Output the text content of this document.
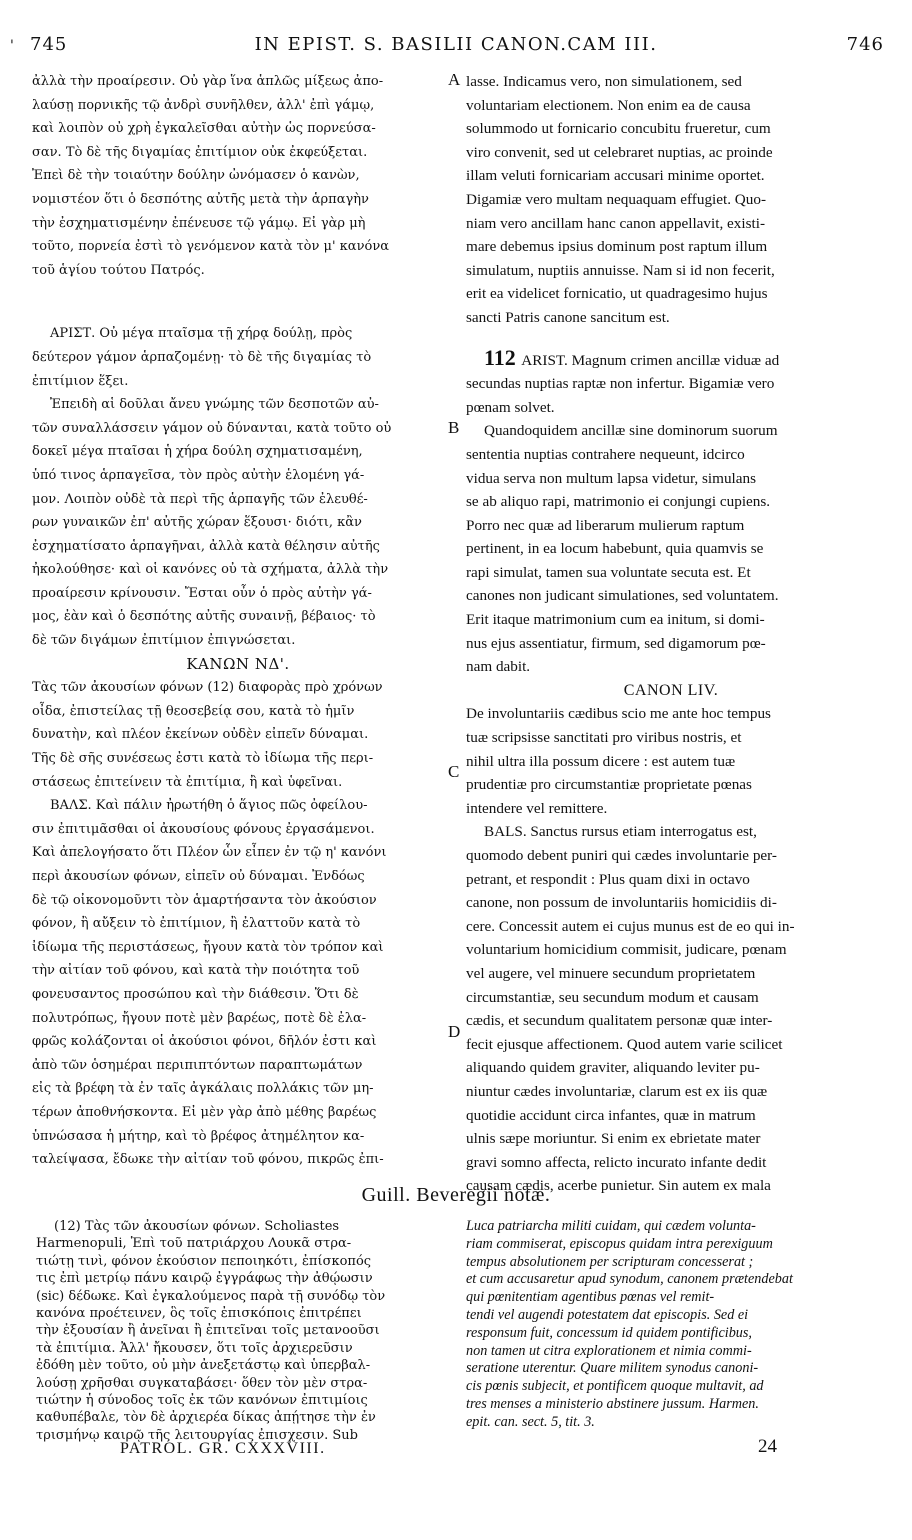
' 745	IN EPIST. S. BASILII CANON.CAM III.	746
ἀλλὰ τὴν προαίρεσιν. Οὐ γὰρ ἵνα ἁπλῶς μίξεως ἀπο-
λαύσῃ πορνικῆς τῷ ἀνδρὶ συνῆλθεν, ἀλλ' ἐπὶ γάμῳ,
καὶ λοιπὸν οὐ χρὴ ἐγκαλεῖσθαι αὐτὴν ὡς πορνεύσα-
σαν. Τὸ δὲ τῆς διγαμίας ἐπιτίμιον οὐκ ἐκφεύξεται.
Ἐπεὶ δὲ τὴν τοιαύτην δούλην ὠνόμασεν ὁ κανὼν,
νομιστέον ὅτι ὁ δεσπότης αὐτῆς μετὰ τὴν ἁρπαγὴν
τὴν ἐσχηματισμένην ἐπένευσε τῷ γάμῳ. Εἰ γὰρ μὴ
τοῦτο, πορνεία ἐστὶ τὸ γενόμενον κατὰ τὸν μ' κανόνα
τοῦ ἁγίου τούτου Πατρός.
ΑΡΙΣΤ. Οὐ μέγα πταῖσμα τῇ χήρᾳ δούλῃ, πρὸς
δεύτερον γάμον ἁρπαζομένῃ· τὸ δὲ τῆς διγαμίας τὸ
ἐπιτίμιον ἕξει.
Ἐπειδὴ αἱ δοῦλαι ἄνευ γνώμης τῶν δεσποτῶν αὐ-
τῶν συναλλάσσειν γάμον οὐ δύνανται, κατὰ τοῦτο οὐ
δοκεῖ μέγα πταῖσαι ἡ χήρα δούλη σχηματισαμένη,
ὑπό τινος ἁρπαγεῖσα, τὸν πρὸς αὐτὴν ἑλομένη γά-
μον. Λοιπὸν οὐδὲ τὰ περὶ τῆς ἁρπαγῆς τῶν ἐλευθέ-
ρων γυναικῶν ἐπ' αὐτῆς χώραν ἕξουσι· διότι, κἂν
ἐσχηματίσατο ἁρπαγῆναι, ἀλλὰ κατὰ θέλησιν αὐτῆς
ἠκολούθησε· καὶ οἱ κανόνες οὐ τὰ σχήματα, ἀλλὰ τὴν
προαίρεσιν κρίνουσιν. Ἔσται οὖν ὁ πρὸς αὐτὴν γά-
μος, ἐὰν καὶ ὁ δεσπότης αὐτῆς συναινῇ, βέβαιος· τὸ
δὲ τῶν διγάμων ἐπιτίμιον ἐπιγνώσεται.

ΚΑΝΩΝ ΝΔ'.

Τὰς τῶν ἀκουσίων φόνων (12) διαφορὰς πρὸ χρόνων
οἶδα, ἐπιστείλας τῇ θεοσεβείᾳ σου, κατὰ τὸ ἡμῖν
δυνατὴν, καὶ πλέον ἐκείνων οὐδὲν εἰπεῖν δύναμαι.
Τῆς δὲ σῆς συνέσεως ἐστι κατὰ τὸ ἰδίωμα τῆς περι-
στάσεως ἐπιτείνειν τὰ ἐπιτίμια, ἢ καὶ ὑφεῖναι.
ΒΑΛΣ. Καὶ πάλιν ἠρωτήθη ὁ ἅγιος πῶς ὀφείλου-
σιν ἐπιτιμᾶσθαι οἱ ἀκουσίους φόνους ἐργασάμενοι.
Καὶ ἀπελογήσατο ὅτι Πλέον ὧν εἶπεν ἐν τῷ η' κανόνι
περὶ ἀκουσίων φόνων, εἰπεῖν οὐ δύναμαι. Ἐνδόως
δὲ τῷ οἰκονομοῦντι τὸν ἁμαρτήσαντα τὸν ἀκούσιον
φόνον, ἢ αὔξειν τὸ ἐπιτίμιον, ἢ ἐλαττοῦν κατὰ τὸ
ἰδίωμα τῆς περιστάσεως, ἤγουν κατὰ τὸν τρόπον καὶ
τὴν αἰτίαν τοῦ φόνου, καὶ κατὰ τὴν ποιότητα τοῦ
φονευσαντος προσώπου καὶ τὴν διάθεσιν. Ὅτι δὲ
πολυτρόπως, ἤγουν ποτὲ μὲν βαρέως, ποτὲ δὲ ἐλα-
φρῶς κολάζονται οἱ ἀκούσιοι φόνοι, δῆλόν ἐστι καὶ
ἀπὸ τῶν ὁσημέραι περιπιπτόντων παραπτωμάτων
εἰς τὰ βρέφη τὰ ἐν ταῖς ἀγκάλαις πολλάκις τῶν μη-
τέρων ἀποθνήσκοντα. Εἰ μὲν γὰρ ἀπὸ μέθης βαρέως
ὑπνώσασα ἡ μήτηρ, καὶ τὸ βρέφος ἀτημέλητον κα-
ταλείψασα, ἔδωκε τὴν αἰτίαν τοῦ φόνου, πικρῶς ἐπι-
lasse. Indicamus vero, non simulationem, sed
voluntariam electionem. Non enim ea de causa
solummodo ut fornicario concubitu frueretur, cum
viro convenit, sed ut celebraret nuptias, ac proinde
illam veluti fornicariam accusari minime oportet.
Digamiæ vero multam nequaquam effugiet. Quo-
niam vero ancillam hanc canon appellavit, existi-
mare debemus ipsius dominum post raptum illum
simulatum, nuptiis annuisse. Nam si id non fecerit,
erit ea videlicet fornicatio, ut quadragesimo hujus
sancti Patris canone sancitum est.
112 ARIST. Magnum crimen ancillæ viduæ ad
secundas nuptias raptæ non infertur. Bigamiæ vero
pœnam solvet.
Quandoquidem ancillæ sine dominorum suorum
sententia nuptias contrahere nequeunt, idcirco
vidua serva non multum lapsa videtur, simulans
se ab aliquo rapi, matrimonio ei conjungi cupiens.
Porro nec quæ ad liberarum mulierum raptum
pertinent, in ea locum habebunt, quia quamvis se
rapi simulat, tamen sua voluntate secuta est. Et
canones non judicant simulationes, sed voluntatem.
Erit itaque matrimonium cum ea initum, si domi-
nus ejus assentiatur, firmum, sed digamorum pœ-
nam dabit.

CANON LIV.

De involuntariis cædibus scio me ante hoc tempus
tuæ scripsisse sanctitati pro viribus nostris, et
nihil ultra illa possum dicere : est autem tuæ
prudentiæ pro circumstantiæ proprietate pœnas
intendere vel remittere.
BALS. Sanctus rursus etiam interrogatus est,
quomodo debent puniri qui cædes involuntarie per-
petrant, et respondit : Plus quam dixi in octavo
canone, non possum de involuntariis homicidiis di-
cere. Concessit autem ei cujus munus est de eo qui in-
voluntarium homicidium commisit, judicare, pœnam
vel augere, vel minuere secundum proprietatem
circumstantiæ, seu secundum modum et causam
cædis, et secundum qualitatem personæ quæ inter-
fecit ejusque affectionem. Quod autem varie scilicet
aliquando quidem graviter, aliquando leviter pu-
niuntur cædes involuntariæ, clarum est ex iis quæ
quotidie accidunt circa infantes, quæ in matrum
ulnis sæpe moriuntur. Si enim ex ebrietate mater
gravi somno affecta, relicto incurato infante dedit
causam cædis, acerbe punietur. Sin autem ex mala
A
B
C
D
Guill. Beveregii notæ.
(12) Τὰς τῶν ἀκουσίων φόνων. Scholiastes
Harmenopuli, Ἐπὶ τοῦ πατριάρχου Λουκᾶ στρα-
τιώτῃ τινὶ, φόνον ἑκούσιον πεποιηκότι, ἐπίσκοπός
τις ἐπὶ μετρίῳ πάνυ καιρῷ ἐγγράφως τὴν ἀθῴωσιν
(sic) δέδωκε. Καὶ ἐγκαλούμενος παρὰ τῇ συνόδῳ τὸν
κανόνα προέτεινεν, ὃς τοῖς ἐπισκόποις ἐπιτρέπει
τὴν ἐξουσίαν ἢ ἀνεῖναι ἢ ἐπιτεῖναι τοῖς μετανοοῦσι
τὰ ἐπιτίμια. Ἀλλ' ἤκουσεν, ὅτι τοῖς ἀρχιερεῦσιν
ἐδόθη μὲν τοῦτο, οὐ μὴν ἀνεξετάστῳ καὶ ὑπερβαλ-
λούσῃ χρῆσθαι συγκαταβάσει· ὅθεν τὸν μὲν στρα-
τιώτην ἡ σύνοδος τοῖς ἐκ τῶν κανόνων ἐπιτιμίοις
καθυπέβαλε, τὸν δὲ ἀρχιερέα δίκας ἀπῄτησε τὴν ἐν
τρισμήνῳ καιρῷ τῆς λειτουργίας ἐπισχεσιν. Sub
Luca patriarcha militi cuidam, qui cædem volunta-
riam commiserat, episcopus quidam intra perexiguum
tempus absolutionem per scripturam concesserat ;
et cum accusaretur apud synodum, canonem prætendebat
qui pœnitentiam agentibus pœnas vel remit-
tendi vel augendi potestatem dat episcopis. Sed ei
responsum fuit, concessum id quidem pontificibus,
non tamen ut citra explorationem et nimia commi-
seratione uterentur. Quare militem synodus canoni-
cis pœnis subjecit, et pontificem quoque multavit, ad
tres menses a ministerio abstinere jussum. Harmen.
epit. can. sect. 5, tit. 3.
PATROL. GR. CXXXVIII.	24
